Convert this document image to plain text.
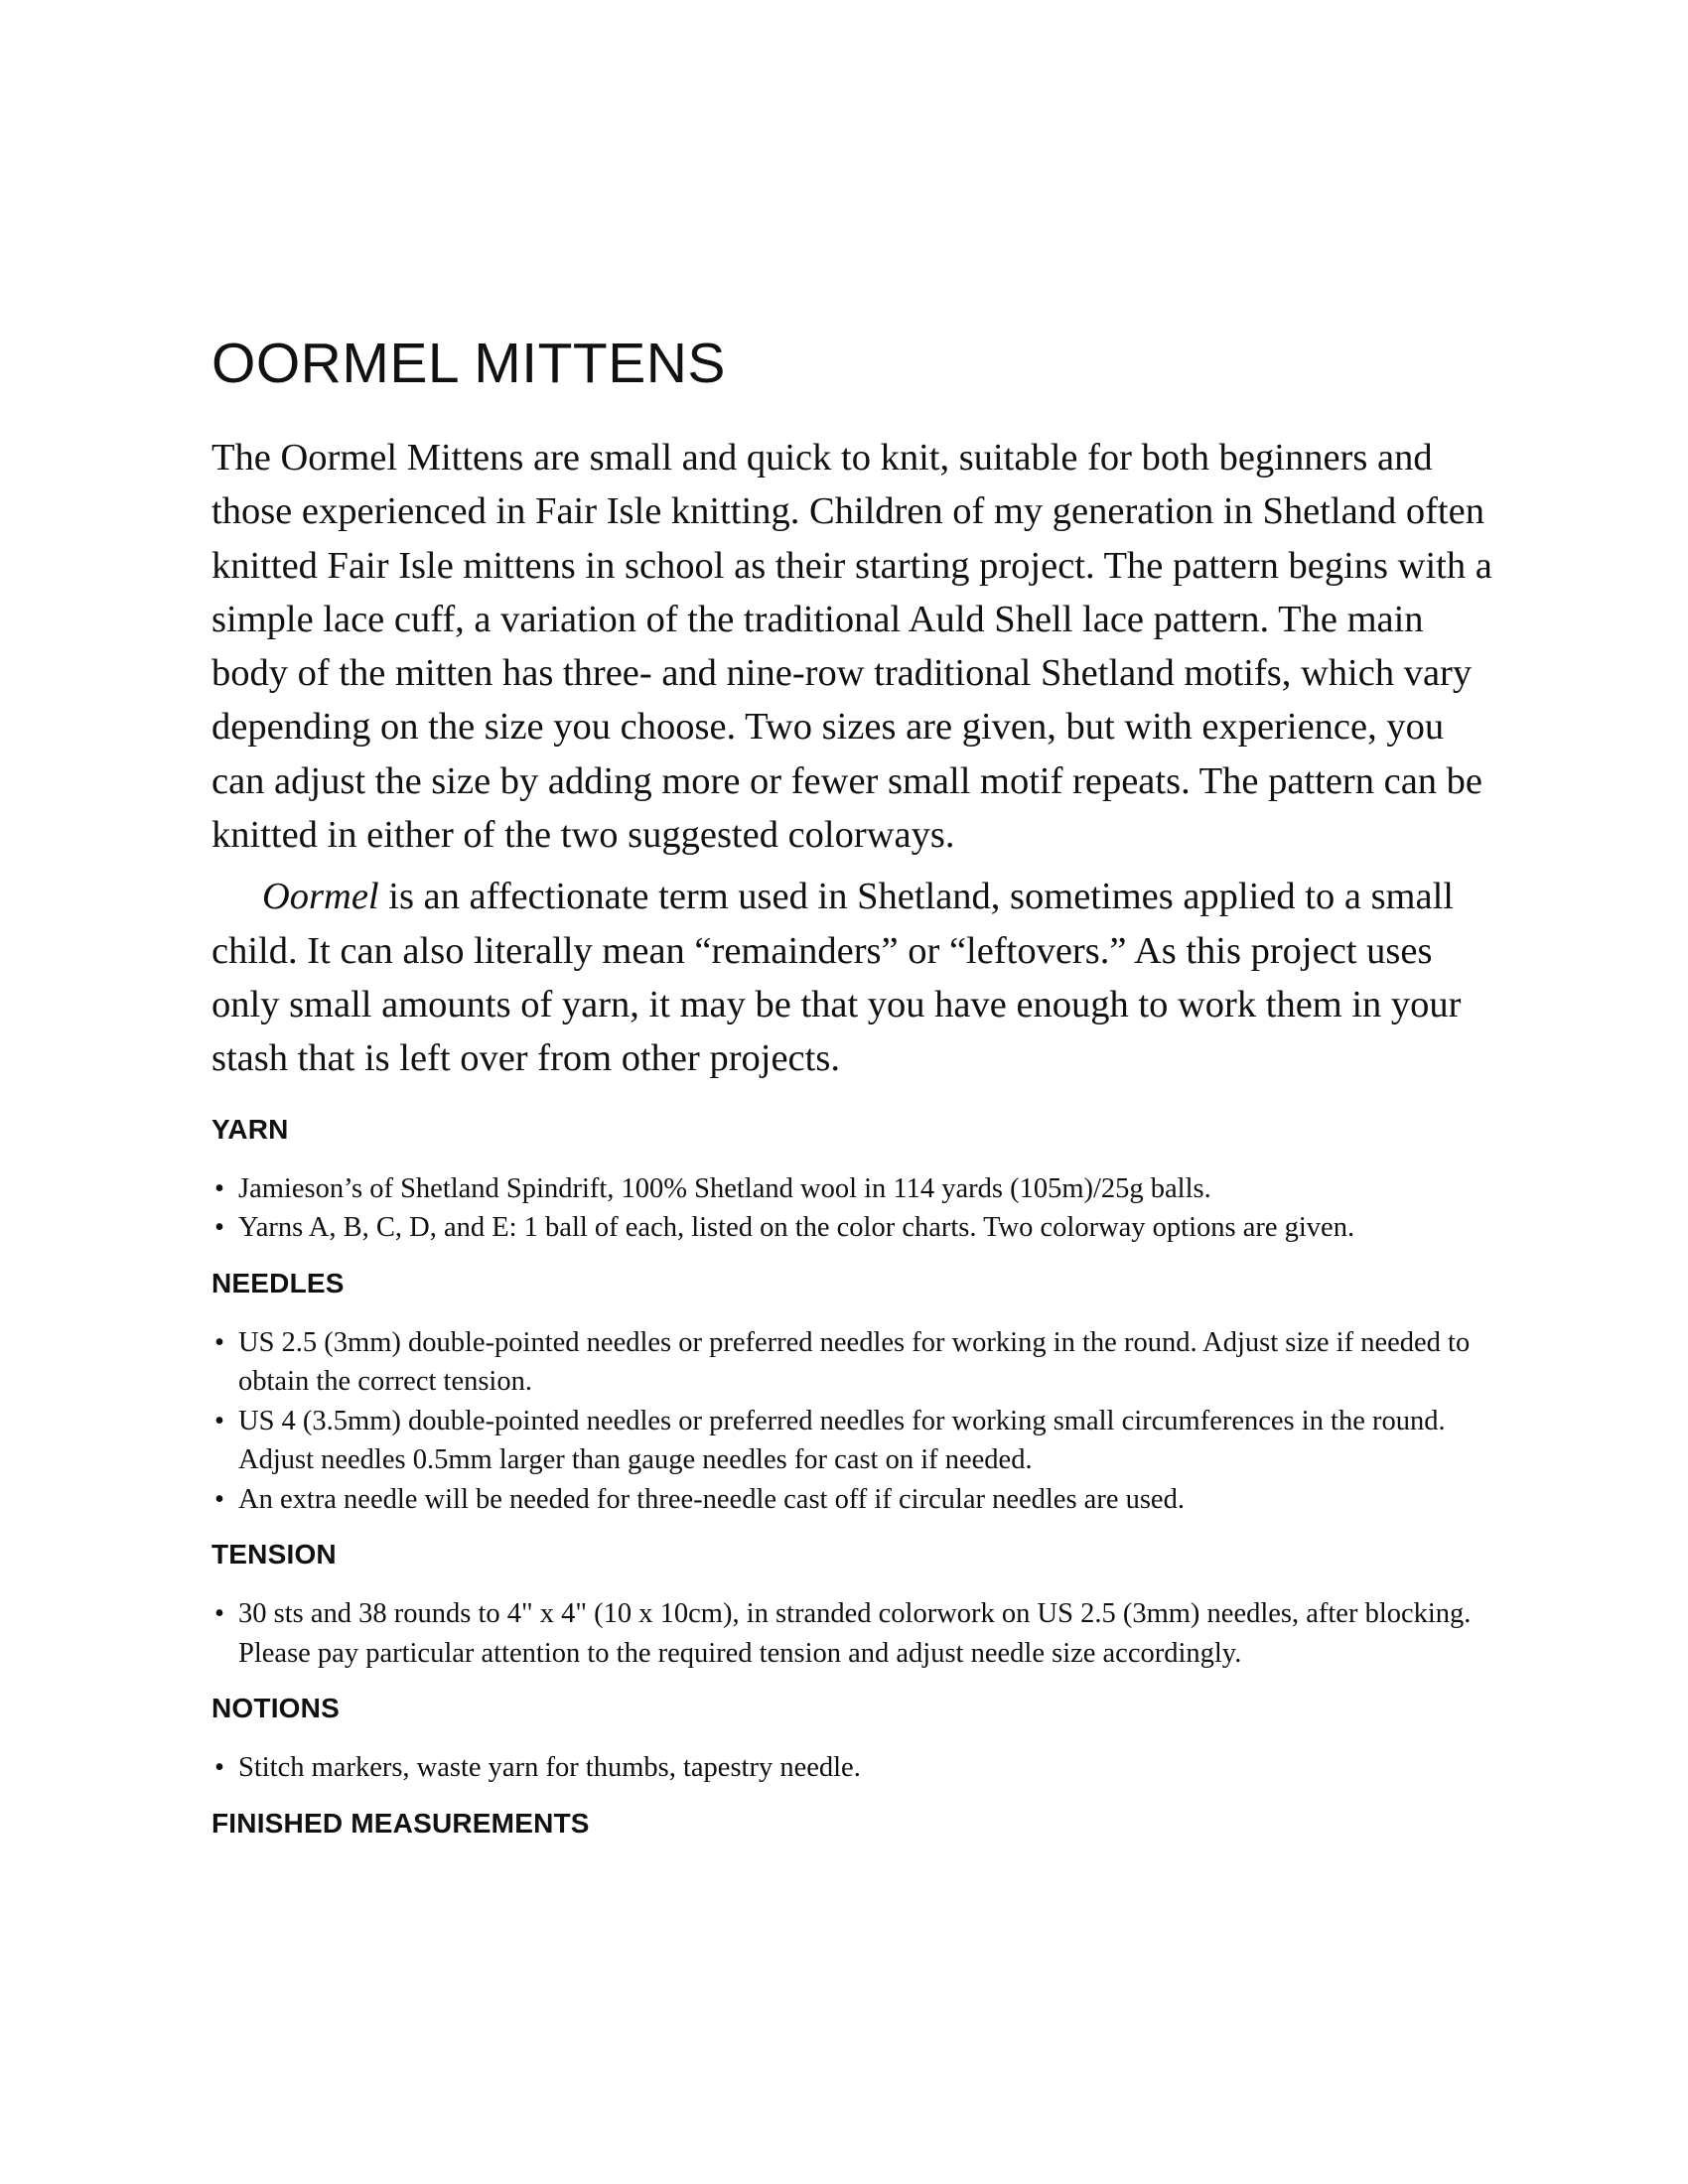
OORMEL MITTENS

The Oormel Mittens are small and quick to knit, suitable for both beginners and those experienced in Fair Isle knitting. Children of my generation in Shetland often knitted Fair Isle mittens in school as their starting project. The pattern begins with a simple lace cuff, a variation of the traditional Auld Shell lace pattern. The main body of the mitten has three- and nine-row traditional Shetland motifs, which vary depending on the size you choose. Two sizes are given, but with experience, you can adjust the size by adding more or fewer small motif repeats. The pattern can be knitted in either of the two suggested colorways.

Oormel is an affectionate term used in Shetland, sometimes applied to a small child. It can also literally mean “remainders” or “leftovers.” As this project uses only small amounts of yarn, it may be that you have enough to work them in your stash that is left over from other projects.

YARN
• Jamieson’s of Shetland Spindrift, 100% Shetland wool in 114 yards (105m)/25g balls.
• Yarns A, B, C, D, and E: 1 ball of each, listed on the color charts. Two colorway options are given.
NEEDLES
• US 2.5 (3mm) double-pointed needles or preferred needles for working in the round. Adjust size if needed to obtain the correct tension.
• US 4 (3.5mm) double-pointed needles or preferred needles for working small circumferences in the round. Adjust needles 0.5mm larger than gauge needles for cast on if needed.
• An extra needle will be needed for three-needle cast off if circular needles are used.
TENSION
• 30 sts and 38 rounds to 4" x 4" (10 x 10cm), in stranded colorwork on US 2.5 (3mm) needles, after blocking. Please pay particular attention to the required tension and adjust needle size accordingly.
NOTIONS
• Stitch markers, waste yarn for thumbs, tapestry needle.
FINISHED MEASUREMENTS
